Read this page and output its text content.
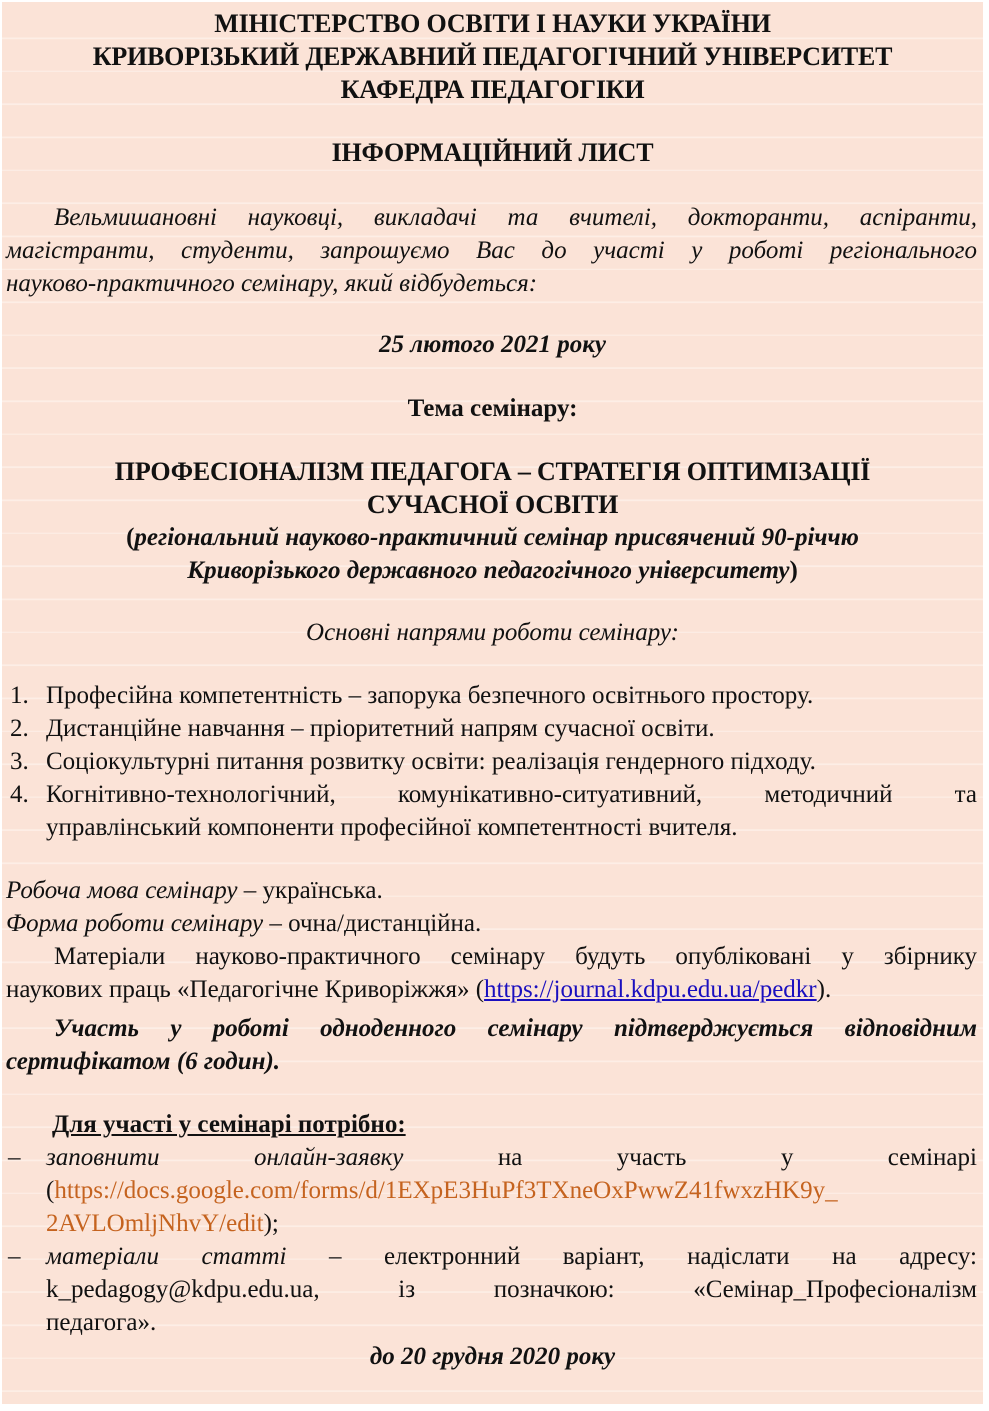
МІНІСТЕРСТВО ОСВІТИ І НАУКИ УКРАЇНИ
КРИВОРІЗЬКИЙ ДЕРЖАВНИЙ ПЕДАГОГІЧНИЙ УНІВЕРСИТЕТ
КАФЕДРА ПЕДАГОГІКИ
ІНФОРМАЦІЙНИЙ ЛИСТ
Вельмишановні науковці, викладачі та вчителі, докторанти, аспіранти,
магістранти, студенти, запрошуємо Вас до участі у роботі регіонального
науково-практичного семінару, який відбудеться:
25 лютого 2021 року
Тема семінару:
ПРОФЕСІОНАЛІЗМ ПЕДАГОГА – СТРАТЕГІЯ ОПТИМІЗАЦІЇ
СУЧАСНОЇ ОСВІТИ
(регіональний науково-практичний семінар присвячений 90-річчю
Криворізького державного педагогічного університету)
Основні напрями роботи семінару:
1. Професійна компетентність – запорука безпечного освітнього простору.
2. Дистанційне навчання – пріоритетний напрям сучасної освіти.
3. Соціокультурні питання розвитку освіти: реалізація гендерного підходу.
4. Когнітивно-технологічний, комунікативно-ситуативний, методичний та
управлінський компоненти професійної компетентності вчителя.
Робоча мова семінару – українська.
Форма роботи семінару – очна/дистанційна.
Матеріали науково-практичного семінару будуть опубліковані у збірнику
наукових праць «Педагогічне Криворіжжя» (https://journal.kdpu.edu.ua/pedkr).
Участь у роботі одноденного семінару підтверджується відповідним
сертифікатом (6 годин).
Для участі у семінарі потрібно:
– заповнити	онлайн-заявку	на	участь	у	семінарі
(https://docs.google.com/forms/d/1EXpE3HuPf3TXneOxPwwZ41fwxzHK9y_
2AVLOmljNhvY/edit);
– матеріали статті – електронний варіант, надіслати на адресу:
k_pedagogy@kdpu.edu.ua, із позначкою: «Семінар_Професіоналізм
педагога».
до 20 грудня 2020 року
